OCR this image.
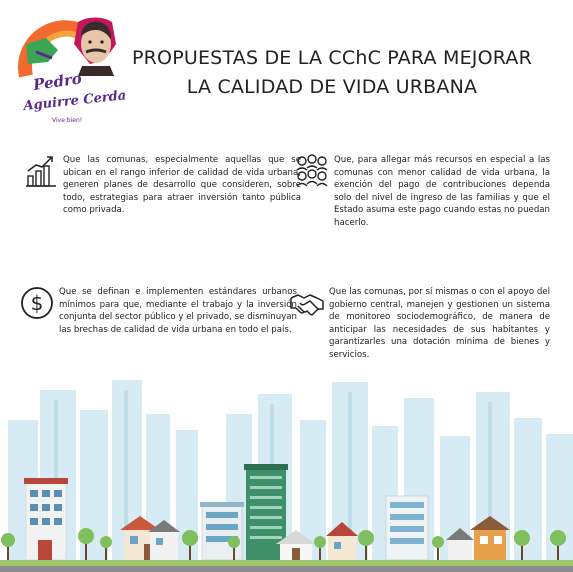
Pedro
Aguirre Cerda
Vive bien!
PROPUESTAS DE LA CChC PARA MEJORAR
LA CALIDAD DE VIDA URBANA
Que las comunas, especialmente aquellas que se ubican en el rango inferior de calidad de vida urbana, generen planes de desarrollo que consideren, sobre todo, estrategias para atraer inversión tanto pública como privada.
Que, para allegar más recursos en especial a las comunas con menor calidad de vida urbana, la exención del pago de contribuciones dependa solo del nivel de ingreso de las familias y que el Estado asuma este pago cuando estas no puedan hacerlo.
$ Que se definan e implementen estándares urbanos mínimos para que, mediante el trabajo y la inversión conjunta del sector público y el privado, se disminuyan las brechas de calidad de vida urbana en todo el país.
Que las comunas, por sí mismas o con el apoyo del gobierno central, manejen y gestionen un sistema de monitoreo sociodemográfico, de manera de anticipar las necesidades de sus habitantes y garantizarles una dotación mínima de bienes y servicios.
